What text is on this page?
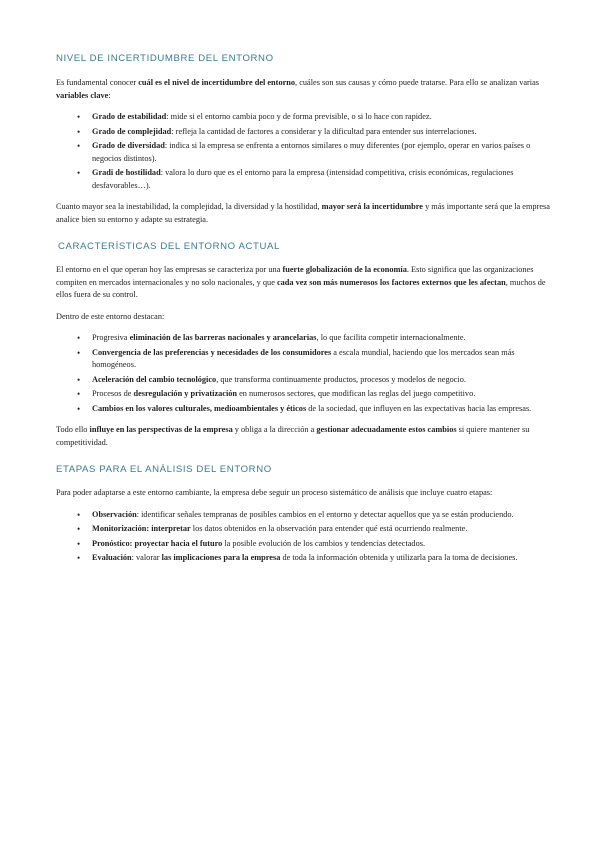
NIVEL DE INCERTIDUMBRE DEL ENTORNO

Es fundamental conocer cuál es el nivel de incertidumbre del entorno, cuáles son sus causas y cómo puede tratarse. Para ello se analizan varias variables clave:

• Grado de estabilidad: mide si el entorno cambia poco y de forma previsible, o si lo hace con rapidez.
• Grado de complejidad: refleja la cantidad de factores a considerar y la dificultad para entender sus interrelaciones.
• Grado de diversidad: indica si la empresa se enfrenta a entornos similares o muy diferentes (por ejemplo, operar en varios países o negocios distintos).
• Gradi de hostilidad: valora lo duro que es el entorno para la empresa (intensidad competitiva, crisis económicas, regulaciones desfavorables…).

Cuanto mayor sea la inestabilidad, la complejidad, la diversidad y la hostilidad, mayor será la incertidumbre y más importante será que la empresa analice bien su entorno y adapte su estrategia.

CARACTERÍSTICAS DEL ENTORNO ACTUAL

El entorno en el que operan hoy las empresas se caracteriza por una fuerte globalización de la economía. Esto significa que las organizaciones compiten en mercados internacionales y no solo nacionales, y que cada vez son más numerosos los factores externos que les afectan, muchos de ellos fuera de su control.

Dentro de este entorno destacan:

• Progresiva eliminación de las barreras nacionales y arancelarias, lo que facilita competir internacionalmente.
• Convergencia de las preferencias y necesidades de los consumidores a escala mundial, haciendo que los mercados sean más homogéneos.
• Aceleración del cambio tecnológico, que transforma continuamente productos, procesos y modelos de negocio.
• Procesos de desregulación y privatización en numerosos sectores, que modifican las reglas del juego competitivo.
• Cambios en los valores culturales, medioambientales y éticos de la sociedad, que influyen en las expectativas hacia las empresas.

Todo ello influye en las perspectivas de la empresa y obliga a la dirección a gestionar adecuadamente estos cambios si quiere mantener su competitividad.

ETAPAS PARA EL ANÁLISIS DEL ENTORNO

Para poder adaptarse a este entorno cambiante, la empresa debe seguir un proceso sistemático de análisis que incluye cuatro etapas:

• Observación: identificar señales tempranas de posibles cambios en el entorno y detectar aquellos que ya se están produciendo.
• Monitorización: interpretar los datos obtenidos en la observación para entender qué está ocurriendo realmente.
• Pronóstico: proyectar hacia el futuro la posible evolución de los cambios y tendencias detectados.
• Evaluación: valorar las implicaciones para la empresa de toda la información obtenida y utilizarla para la toma de decisiones.
